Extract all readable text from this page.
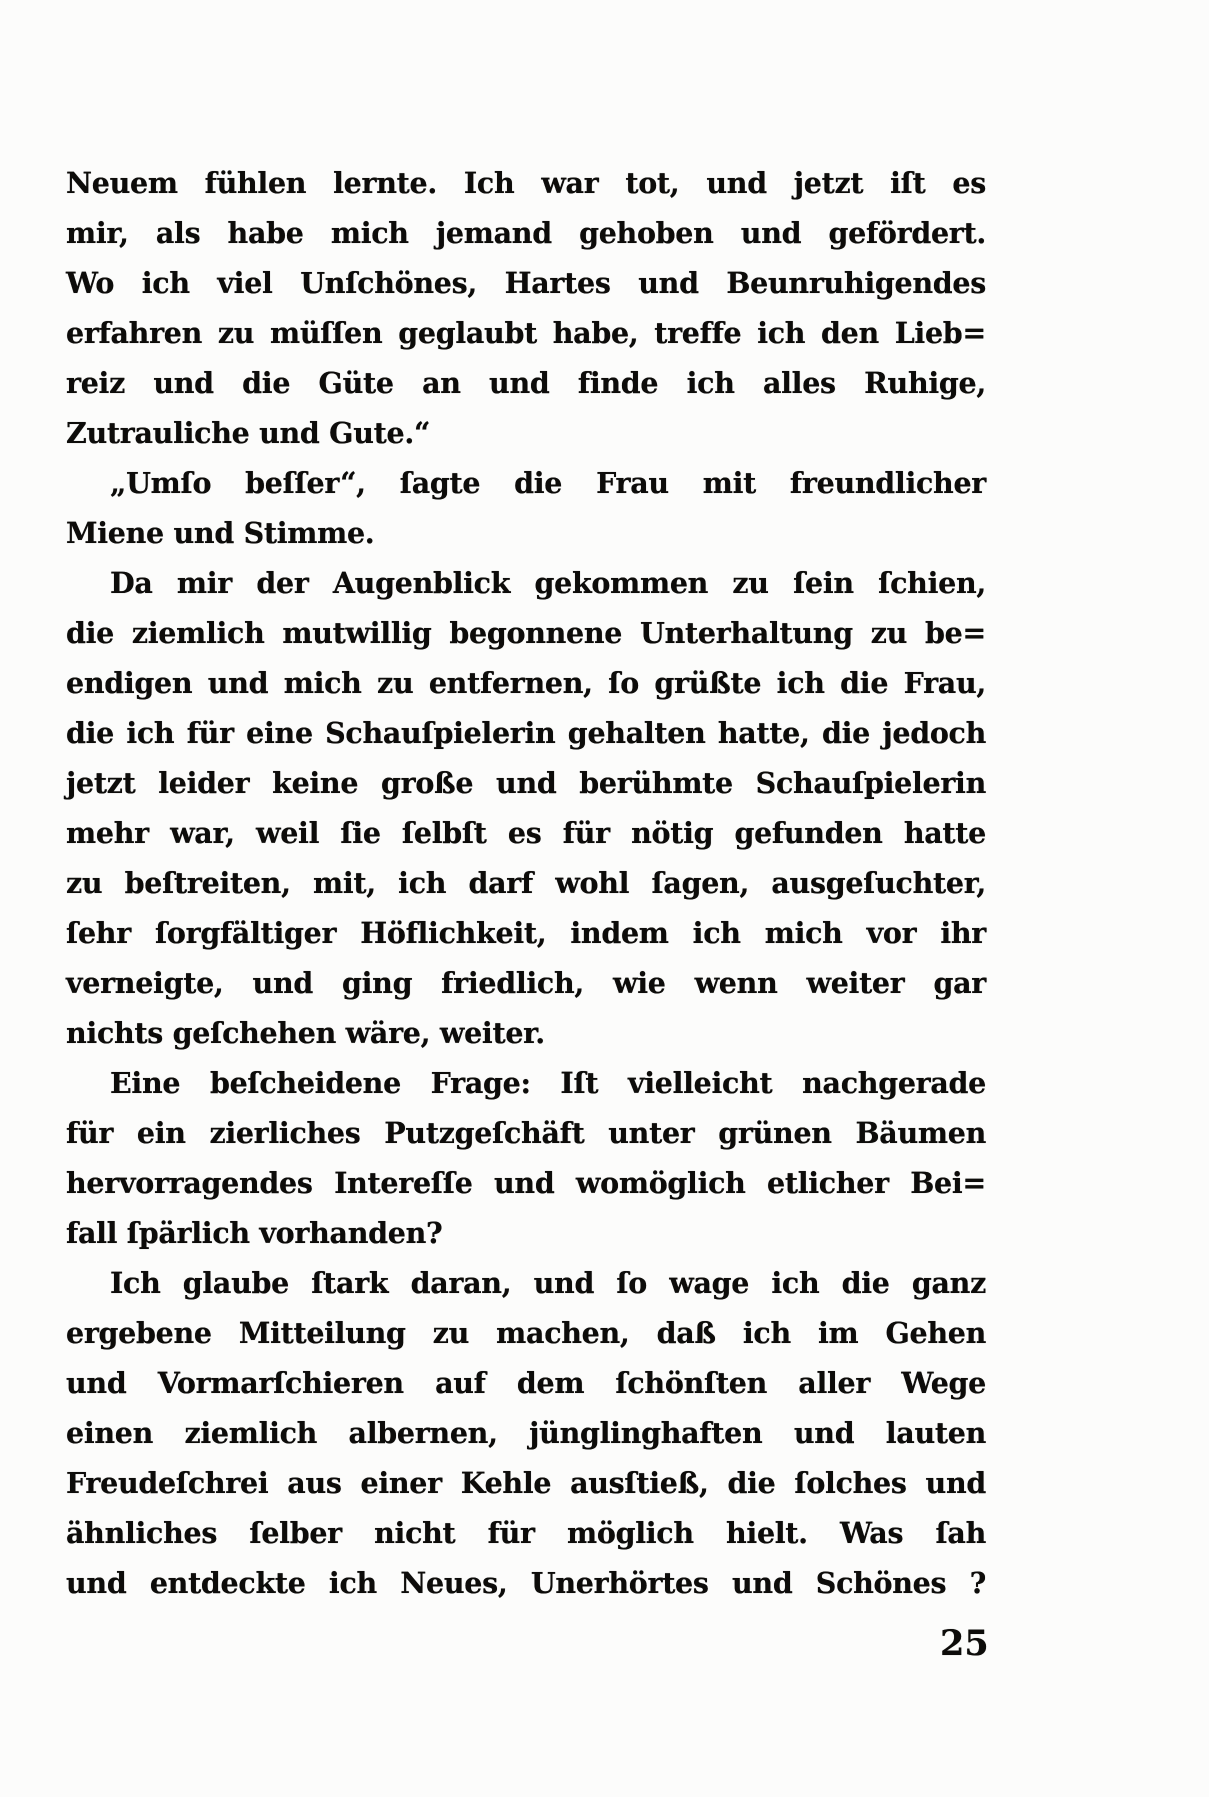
Neuem fühlen lernte. Ich war tot, und jetzt iſt es
mir, als habe mich jemand gehoben und gefördert.
Wo ich viel Unſchönes, Hartes und Beunruhigendes
erfahren zu müſſen geglaubt habe, treffe ich den Lieb=
reiz und die Güte an und finde ich alles Ruhige,
Zutrauliche und Gute.“
„Umſo beſſer“, ſagte die Frau mit freundlicher
Miene und Stimme.
Da mir der Augenblick gekommen zu ſein ſchien,
die ziemlich mutwillig begonnene Unterhaltung zu be=
endigen und mich zu entfernen, ſo grüßte ich die Frau,
die ich für eine Schauſpielerin gehalten hatte, die jedoch
jetzt leider keine große und berühmte Schauſpielerin
mehr war, weil ſie ſelbſt es für nötig gefunden hatte
zu beſtreiten, mit, ich darf wohl ſagen, ausgeſuchter,
ſehr ſorgfältiger Höflichkeit, indem ich mich vor ihr
verneigte, und ging friedlich, wie wenn weiter gar
nichts geſchehen wäre, weiter.
Eine beſcheidene Frage: Iſt vielleicht nachgerade
für ein zierliches Putzgeſchäft unter grünen Bäumen
hervorragendes Intereſſe und womöglich etlicher Bei=
fall ſpärlich vorhanden?
Ich glaube ſtark daran, und ſo wage ich die ganz
ergebene Mitteilung zu machen, daß ich im Gehen
und Vormarſchieren auf dem ſchönſten aller Wege
einen ziemlich albernen, jünglinghaften und lauten
Freudeſchrei aus einer Kehle ausſtieß, die ſolches und
ähnliches ſelber nicht für möglich hielt. Was ſah
und entdeckte ich Neues, Unerhörtes und Schönes ?
25
